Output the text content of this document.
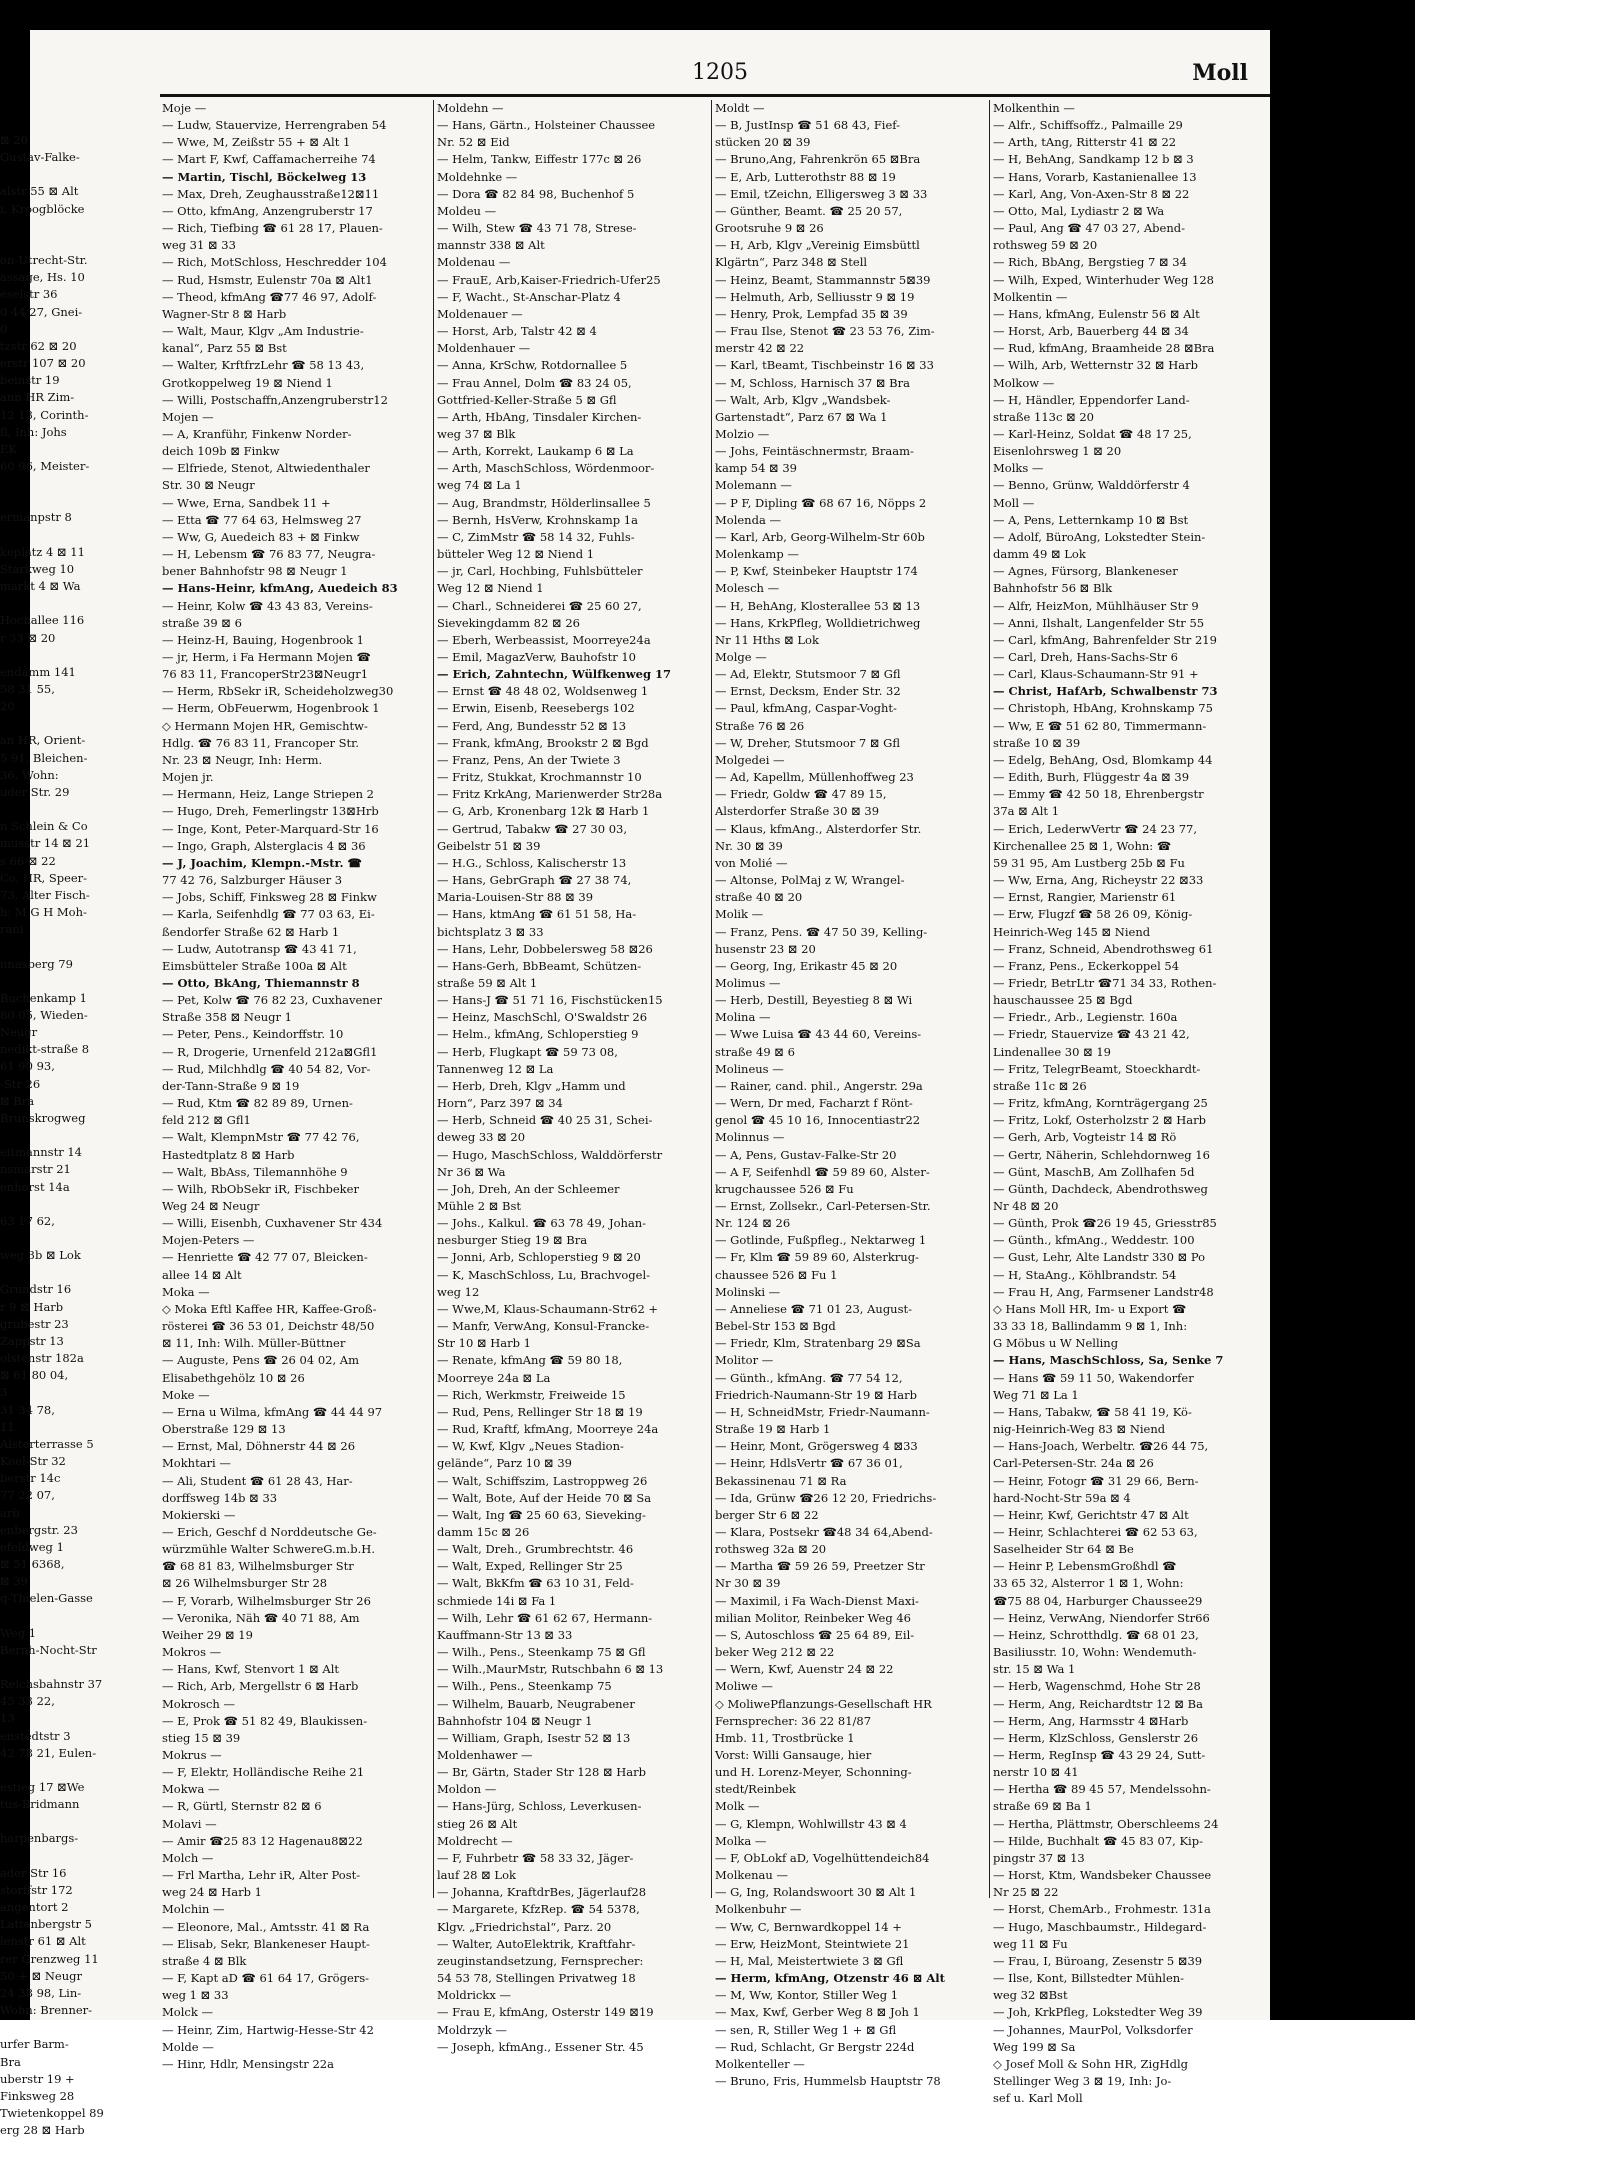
⊠ 20
Gustav-Falke-

alstr 55 ⊠ Alt
i, Kroogblöcke

on-Utrecht-Str.
assage, Hs. 10
eselstr 36
0 44 27, Gnei-
0
tzstr 62 ⊠ 20
erstr 107 ⊠ 20
beinstr 19
ann HR Zim-
12 13, Corinth-
fl, Inh: Johs
EK
60 96, Meister-

ermanpstr 8

keplatz 4 ⊠ 11
Starkweg 10
markt 4 ⊠ Wa

Hochallee 116
r 33 ⊠ 20

endamm 141
58 31 55,
20

an HR, Orient-
5 91, Bleichen-
36, Wohn:
uder Str. 29

n Schlein & Co
musstr 14 ⊠ 21
s 66 ⊠ 22
Co. HR, Speer-
73, Alter Fisch-
h: M G H Moh-
rani

nnasberg 79

Buchenkamp 1
80 05, Wieden-
Neugr
nedikt-straße 8
61 90 93,
-Str 26
⊠ Bra
Brunskrogweg

eitmannstr 14
nsmarstr 21
enhorst 14a

63 17 62,

weg 3b ⊠ Lok

Grundstr 16
r 9 ⊠ Harb
grubestr 23
Zappstr 13
olstenstr 182a
⊠ 61 80 04,
3
31 34 78,
11
Alsterterrasse 5
Koel-Str 32
berstr 14c
77 22 07,
arb
enbergstr. 23
efeldweg 1
⊠ 51 6368,
⊠ 39
q-Thielen-Gasse

Weg 1
Bernh-Nocht-Str

Reichsbahnstr 37
45 33 22,
13
enstedtstr 3
42 78 21, Eulen-

estieg 17 ⊠We
tus-Bridmann

harpenbargs-

ader Str 16
storffstr 172
angentort 2
Lattenbergstr 5
lenstr 61 ⊠ Alt
rer Grenzweg 11
50 + ⊠ Neugr
24 38 98, Lin-
Wohn: Brenner-

urfer Barm-
Bra
uberstr 19 +
Finksweg 28
Twietenkoppel 89
erg 28 ⊠ Harb
1205	Moll
Moje —
— Ludw, Stauervize, Herrengraben 54
— Wwe, M, Zeißstr 55 + ⊠ Alt 1
— Mart F, Kwf, Caffamacherreihe 74
— Martin, Tischl, Böckelweg 13
— Max, Dreh, Zeughausstraße12⊠11
— Otto, kfmAng, Anzengruberstr 17
— Rich, Tiefbing ☎ 61 28 17, Plauen-
weg 31 ⊠ 33
— Rich, MotSchloss, Heschredder 104
— Rud, Hsmstr, Eulenstr 70a ⊠ Alt1
— Theod, kfmAng ☎77 46 97, Adolf-
Wagner-Str 8 ⊠ Harb
— Walt, Maur, Klgv „Am Industrie-
kanal“, Parz 55 ⊠ Bst
— Walter, KrftfrzLehr ☎ 58 13 43,
Grotkoppelweg 19 ⊠ Niend 1
— Willi, Postschaffn,Anzengruberstr12
Mojen —
— A, Kranführ, Finkenw Norder-
deich 109b ⊠ Finkw
— Elfriede, Stenot, Altwiedenthaler
Str. 30 ⊠ Neugr
— Wwe, Erna, Sandbek 11 +
— Etta ☎ 77 64 63, Helmsweg 27
— Ww, G, Auedeich 83 + ⊠ Finkw
— H, Lebensm ☎ 76 83 77, Neugra-
bener Bahnhofstr 98 ⊠ Neugr 1
— Hans-Heinr, kfmAng, Auedeich 83
— Heinr, Kolw ☎ 43 43 83, Vereins-
straße 39 ⊠ 6
— Heinz-H, Bauing, Hogenbrook 1
— jr, Herm, i Fa Hermann Mojen ☎
76 83 11, FrancoperStr23⊠Neugr1
— Herm, RbSekr iR, Scheideholzweg30
— Herm, ObFeuerwm, Hogenbrook 1
◇ Hermann Mojen HR, Gemischtw-
Hdlg. ☎ 76 83 11, Francoper Str.
Nr. 23 ⊠ Neugr, Inh: Herm.
Mojen jr.
— Hermann, Heiz, Lange Striepen 2
— Hugo, Dreh, Femerlingstr 13⊠Hrb
— Inge, Kont, Peter-Marquard-Str 16
— Ingo, Graph, Alsterglacis 4 ⊠ 36
— J, Joachim, Klempn.-Mstr. ☎
77 42 76, Salzburger Häuser 3
— Jobs, Schiff, Finksweg 28 ⊠ Finkw
— Karla, Seifenhdlg ☎ 77 03 63, Ei-
ßendorfer Straße 62 ⊠ Harb 1
— Ludw, Autotransp ☎ 43 41 71,
Eimsbütteler Straße 100a ⊠ Alt
— Otto, BkAng, Thiemannstr 8
— Pet, Kolw ☎ 76 82 23, Cuxhavener
Straße 358 ⊠ Neugr 1
— Peter, Pens., Keindorffstr. 10
— R, Drogerie, Urnenfeld 212a⊠Gfl1
— Rud, Milchhdlg ☎ 40 54 82, Vor-
der-Tann-Straße 9 ⊠ 19
— Rud, Ktm ☎ 82 89 89, Urnen-
feld 212 ⊠ Gfl1
— Walt, KlempnMstr ☎ 77 42 76,
Hastedtplatz 8 ⊠ Harb
— Walt, BbAss, Tilemannhöhe 9
— Wilh, RbObSekr iR, Fischbeker
Weg 24 ⊠ Neugr
— Willi, Eisenbh, Cuxhavener Str 434
Mojen-Peters —
— Henriette ☎ 42 77 07, Bleicken-
allee 14 ⊠ Alt
Moka —
◇ Moka Eftl Kaffee HR, Kaffee-Groß-
rösterei ☎ 36 53 01, Deichstr 48/50
⊠ 11, Inh: Wilh. Müller-Büttner
— Auguste, Pens ☎ 26 04 02, Am
Elisabethgehölz 10 ⊠ 26
Moke —
— Erna u Wilma, kfmAng ☎ 44 44 97
Oberstraße 129 ⊠ 13
— Ernst, Mal, Döhnerstr 44 ⊠ 26
Mokhtari —
— Ali, Student ☎ 61 28 43, Har-
dorffsweg 14b ⊠ 33
Mokierski —
— Erich, Geschf d Norddeutsche Ge-
würzmühle Walter SchwereG.m.b.H.
☎ 68 81 83, Wilhelmsburger Str
⊠ 26 Wilhelmsburger Str 28
— F, Vorarb, Wilhelmsburger Str 26
— Veronika, Näh ☎ 40 71 88, Am
Weiher 29 ⊠ 19
Mokros —
— Hans, Kwf, Stenvort 1 ⊠ Alt
— Rich, Arb, Mergellstr 6 ⊠ Harb
Mokrosch —
— E, Prok ☎ 51 82 49, Blaukissen-
stieg 15 ⊠ 39
Mokrus —
— F, Elektr, Holländische Reihe 21
Mokwa —
— R, Gürtl, Sternstr 82 ⊠ 6
Molavi —
— Amir ☎25 83 12 Hagenau8⊠22
Molch —
— Frl Martha, Lehr iR, Alter Post-
weg 24 ⊠ Harb 1
Molchin —
— Eleonore, Mal., Amtsstr. 41 ⊠ Ra
— Elisab, Sekr, Blankeneser Haupt-
straße 4 ⊠ Blk
— F, Kapt aD ☎ 61 64 17, Grögers-
weg 1 ⊠ 33
Molck —
— Heinr, Zim, Hartwig-Hesse-Str 42
Molde —
— Hinr, Hdlr, Mensingstr 22a
Moldehn —
— Hans, Gärtn., Holsteiner Chaussee
Nr. 52 ⊠ Eid
— Helm, Tankw, Eiffestr 177c ⊠ 26
Moldehnke —
— Dora ☎ 82 84 98, Buchenhof 5
Moldeu —
— Wilh, Stew ☎ 43 71 78, Strese-
mannstr 338 ⊠ Alt
Moldenau —
— FrauE, Arb,Kaiser-Friedrich-Ufer25
— F, Wacht., St-Anschar-Platz 4
Moldenauer —
— Horst, Arb, Talstr 42 ⊠ 4
Moldenhauer —
— Anna, KrSchw, Rotdornallee 5
— Frau Annel, Dolm ☎ 83 24 05,
Gottfried-Keller-Straße 5 ⊠ Gfl
— Arth, HbAng, Tinsdaler Kirchen-
weg 37 ⊠ Blk
— Arth, Korrekt, Laukamp 6 ⊠ La
— Arth, MaschSchloss, Wördenmoor-
weg 74 ⊠ La 1
— Aug, Brandmstr, Hölderlinsallee 5
— Bernh, HsVerw, Krohnskamp 1a
— C, ZimMstr ☎ 58 14 32, Fuhls-
bütteler Weg 12 ⊠ Niend 1
— jr, Carl, Hochbing, Fuhlsbütteler
Weg 12 ⊠ Niend 1
— Charl., Schneiderei ☎ 25 60 27,
Sievekingdamm 82 ⊠ 26
— Eberh, Werbeassist, Moorreye24a
— Emil, MagazVerw, Bauhofstr 10
— Erich, Zahntechn, Wülfkenweg 17
— Ernst ☎ 48 48 02, Woldsenweg 1
— Erwin, Eisenb, Reesebergs 102
— Ferd, Ang, Bundesstr 52 ⊠ 13
— Frank, kfmAng, Brookstr 2 ⊠ Bgd
— Franz, Pens, An der Twiete 3
— Fritz, Stukkat, Krochmannstr 10
— Fritz KrkAng, Marienwerder Str28a
— G, Arb, Kronenbarg 12k ⊠ Harb 1
— Gertrud, Tabakw ☎ 27 30 03,
Geibelstr 51 ⊠ 39
— H.G., Schloss, Kalischerstr 13
— Hans, GebrGraph ☎ 27 38 74,
Maria-Louisen-Str 88 ⊠ 39
— Hans, ktmAng ☎ 61 51 58, Ha-
bichtsplatz 3 ⊠ 33
— Hans, Lehr, Dobbelersweg 58 ⊠26
— Hans-Gerh, BbBeamt, Schützen-
straße 59 ⊠ Alt 1
— Hans-J ☎ 51 71 16, Fischstücken15
— Heinz, MaschSchl, O'Swaldstr 26
— Helm., kfmAng, Schloperstieg 9
— Herb, Flugkapt ☎ 59 73 08,
Tannenweg 12 ⊠ La
— Herb, Dreh, Klgv „Hamm und
Horn“, Parz 397 ⊠ 34
— Herb, Schneid ☎ 40 25 31, Schei-
deweg 33 ⊠ 20
— Hugo, MaschSchloss, Walddörferstr
Nr 36 ⊠ Wa
— Joh, Dreh, An der Schleemer
Mühle 2 ⊠ Bst
— Johs., Kalkul. ☎ 63 78 49, Johan-
nesburger Stieg 19 ⊠ Bra
— Jonni, Arb, Schloperstieg 9 ⊠ 20
— K, MaschSchloss, Lu, Brachvogel-
weg 12
— Wwe,M, Klaus-Schaumann-Str62 +
— Manfr, VerwAng, Konsul-Francke-
Str 10 ⊠ Harb 1
— Renate, kfmAng ☎ 59 80 18,
Moorreye 24a ⊠ La
— Rich, Werkmstr, Freiweide 15
— Rud, Pens, Rellinger Str 18 ⊠ 19
— Rud, Kraftf, kfmAng, Moorreye 24a
— W, Kwf, Klgv „Neues Stadion-
gelände“, Parz 10 ⊠ 39
— Walt, Schiffszim, Lastroppweg 26
— Walt, Bote, Auf der Heide 70 ⊠ Sa
— Walt, Ing ☎ 25 60 63, Sieveking-
damm 15c ⊠ 26
— Walt, Dreh., Grumbrechtstr. 46
— Walt, Exped, Rellinger Str 25
— Walt, BkKfm ☎ 63 10 31, Feld-
schmiede 14i ⊠ Fa 1
— Wilh, Lehr ☎ 61 62 67, Hermann-
Kauffmann-Str 13 ⊠ 33
— Wilh., Pens., Steenkamp 75 ⊠ Gfl
— Wilh.,MaurMstr, Rutschbahn 6 ⊠ 13
— Wilh., Pens., Steenkamp 75
— Wilhelm, Bauarb, Neugrabener
Bahnhofstr 104 ⊠ Neugr 1
— William, Graph, Isestr 52 ⊠ 13
Moldenhawer —
— Br, Gärtn, Stader Str 128 ⊠ Harb
Moldon —
— Hans-Jürg, Schloss, Leverkusen-
stieg 26 ⊠ Alt
Moldrecht —
— F, Fuhrbetr ☎ 58 33 32, Jäger-
lauf 28 ⊠ Lok
— Johanna, KraftdrBes, Jägerlauf28
— Margarete, KfzRep. ☎ 54 5378,
Klgv. „Friedrichstal“, Parz. 20
— Walter, AutoElektrik, Kraftfahr-
zeuginstandsetzung, Fernsprecher:
54 53 78, Stellingen Privatweg 18
Moldrickx —
— Frau E, kfmAng, Osterstr 149 ⊠19
Moldrzyk —
— Joseph, kfmAng., Essener Str. 45
Moldt —
— B, JustInsp ☎ 51 68 43, Fief-
stücken 20 ⊠ 39
— Bruno,Ang, Fahrenkrön 65 ⊠Bra
— E, Arb, Lutterothstr 88 ⊠ 19
— Emil, tZeichn, Elligersweg 3 ⊠ 33
— Günther, Beamt. ☎ 25 20 57,
Grootsruhe 9 ⊠ 26
— H, Arb, Klgv „Vereinig Eimsbüttl
Klgärtn“, Parz 348 ⊠ Stell
— Heinz, Beamt, Stammannstr 5⊠39
— Helmuth, Arb, Selliusstr 9 ⊠ 19
— Henry, Prok, Lempfad 35 ⊠ 39
— Frau Ilse, Stenot ☎ 23 53 76, Zim-
merstr 42 ⊠ 22
— Karl, tBeamt, Tischbeinstr 16 ⊠ 33
— M, Schloss, Harnisch 37 ⊠ Bra
— Walt, Arb, Klgv „Wandsbek-
Gartenstadt“, Parz 67 ⊠ Wa 1
Molzio —
— Johs, Feintäschnermstr, Braam-
kamp 54 ⊠ 39
Molemann —
— P F, Dipling ☎ 68 67 16, Nöpps 2
Molenda —
— Karl, Arb, Georg-Wilhelm-Str 60b
Molenkamp —
— P, Kwf, Steinbeker Hauptstr 174
Molesch —
— H, BehAng, Klosterallee 53 ⊠ 13
— Hans, KrkPfleg, Wolldietrichweg
Nr 11 Hths ⊠ Lok
Molge —
— Ad, Elektr, Stutsmoor 7 ⊠ Gfl
— Ernst, Decksm, Ender Str. 32
— Paul, kfmAng, Caspar-Voght-
Straße 76 ⊠ 26
— W, Dreher, Stutsmoor 7 ⊠ Gfl
Molgedei —
— Ad, Kapellm, Müllenhoffweg 23
— Friedr, Goldw ☎ 47 89 15,
Alsterdorfer Straße 30 ⊠ 39
— Klaus, kfmAng., Alsterdorfer Str.
Nr. 30 ⊠ 39
von Molié —
— Altonse, PolMaj z W, Wrangel-
straße 40 ⊠ 20
Molik —
— Franz, Pens. ☎ 47 50 39, Kelling-
husenstr 23 ⊠ 20
— Georg, Ing, Erikastr 45 ⊠ 20
Molimus —
— Herb, Destill, Beyestieg 8 ⊠ Wi
Molina —
— Wwe Luisa ☎ 43 44 60, Vereins-
straße 49 ⊠ 6
Molineus —
— Rainer, cand. phil., Angerstr. 29a
— Wern, Dr med, Facharzt f Rönt-
genol ☎ 45 10 16, Innocentiastr22
Molinnus —
— A, Pens, Gustav-Falke-Str 20
— A F, Seifenhdl ☎ 59 89 60, Alster-
krugchaussee 526 ⊠ Fu
— Ernst, Zollsekr., Carl-Petersen-Str.
Nr. 124 ⊠ 26
— Gotlinde, Fußpfleg., Nektarweg 1
— Fr, Klm ☎ 59 89 60, Alsterkrug-
chaussee 526 ⊠ Fu 1
Molinski —
— Anneliese ☎ 71 01 23, August-
Bebel-Str 153 ⊠ Bgd
— Friedr, Klm, Stratenbarg 29 ⊠Sa
Molitor —
— Günth., kfmAng. ☎ 77 54 12,
Friedrich-Naumann-Str 19 ⊠ Harb
— H, SchneidMstr, Friedr-Naumann-
Straße 19 ⊠ Harb 1
— Heinr, Mont, Grögersweg 4 ⊠33
— Heinr, HdlsVertr ☎ 67 36 01,
Bekassinenau 71 ⊠ Ra
— Ida, Grünw ☎26 12 20, Friedrichs-
berger Str 6 ⊠ 22
— Klara, Postsekr ☎48 34 64,Abend-
rothsweg 32a ⊠ 20
— Martha ☎ 59 26 59, Preetzer Str
Nr 30 ⊠ 39
— Maximil, i Fa Wach-Dienst Maxi-
milian Molitor, Reinbeker Weg 46
— S, Autoschloss ☎ 25 64 89, Eil-
beker Weg 212 ⊠ 22
— Wern, Kwf, Auenstr 24 ⊠ 22
Moliwe —
◇ MoliwePflanzungs-Gesellschaft HR
Fernsprecher: 36 22 81/87
Hmb. 11, Trostbrücke 1
Vorst: Willi Gansauge, hier
und H. Lorenz-Meyer, Schonning-
stedt/Reinbek
Molk —
— G, Klempn, Wohlwillstr 43 ⊠ 4
Molka —
— F, ObLokf aD, Vogelhüttendeich84
Molkenau —
— G, Ing, Rolandswoort 30 ⊠ Alt 1
Molkenbuhr —
— Ww, C, Bernwardkoppel 14 +
— Erw, HeizMont, Steintwiete 21
— H, Mal, Meistertwiete 3 ⊠ Gfl
— Herm, kfmAng, Otzenstr 46 ⊠ Alt
— M, Ww, Kontor, Stiller Weg 1
— Max, Kwf, Gerber Weg 8 ⊠ Joh 1
— sen, R, Stiller Weg 1 + ⊠ Gfl
— Rud, Schlacht, Gr Bergstr 224d
Molkenteller —
— Bruno, Fris, Hummelsb Hauptstr 78
Molkenthin —
— Alfr., Schiffsoffz., Palmaille 29
— Arth, tAng, Ritterstr 41 ⊠ 22
— H, BehAng, Sandkamp 12 b ⊠ 3
— Hans, Vorarb, Kastanienallee 13
— Karl, Ang, Von-Axen-Str 8 ⊠ 22
— Otto, Mal, Lydiastr 2 ⊠ Wa
— Paul, Ang ☎ 47 03 27, Abend-
rothsweg 59 ⊠ 20
— Rich, BbAng, Bergstieg 7 ⊠ 34
— Wilh, Exped, Winterhuder Weg 128
Molkentin —
— Hans, kfmAng, Eulenstr 56 ⊠ Alt
— Horst, Arb, Bauerberg 44 ⊠ 34
— Rud, kfmAng, Braamheide 28 ⊠Bra
— Wilh, Arb, Wetternstr 32 ⊠ Harb
Molkow —
— H, Händler, Eppendorfer Land-
straße 113c ⊠ 20
— Karl-Heinz, Soldat ☎ 48 17 25,
Eisenlohrsweg 1 ⊠ 20
Molks —
— Benno, Grünw, Walddörferstr 4
Moll —
— A, Pens, Letternkamp 10 ⊠ Bst
— Adolf, BüroAng, Lokstedter Stein-
damm 49 ⊠ Lok
— Agnes, Fürsorg, Blankeneser
Bahnhofstr 56 ⊠ Blk
— Alfr, HeizMon, Mühlhäuser Str 9
— Anni, Ilshalt, Langenfelder Str 55
— Carl, kfmAng, Bahrenfelder Str 219
— Carl, Dreh, Hans-Sachs-Str 6
— Carl, Klaus-Schaumann-Str 91 +
— Christ, HafArb, Schwalbenstr 73
— Christoph, HbAng, Krohnskamp 75
— Ww, E ☎ 51 62 80, Timmermann-
straße 10 ⊠ 39
— Edelg, BehAng, Osd, Blomkamp 44
— Edith, Burh, Flüggestr 4a ⊠ 39
— Emmy ☎ 42 50 18, Ehrenbergstr
37a ⊠ Alt 1
— Erich, LederwVertr ☎ 24 23 77,
Kirchenallee 25 ⊠ 1, Wohn: ☎
59 31 95, Am Lustberg 25b ⊠ Fu
— Ww, Erna, Ang, Richeystr 22 ⊠33
— Ernst, Rangier, Marienstr 61
— Erw, Flugzf ☎ 58 26 09, König-
Heinrich-Weg 145 ⊠ Niend
— Franz, Schneid, Abendrothsweg 61
— Franz, Pens., Eckerkoppel 54
— Friedr, BetrLtr ☎71 34 33, Rothen-
hauschaussee 25 ⊠ Bgd
— Friedr., Arb., Legienstr. 160a
— Friedr, Stauervize ☎ 43 21 42,
Lindenallee 30 ⊠ 19
— Fritz, TelegrBeamt, Stoeckhardt-
straße 11c ⊠ 26
— Fritz, kfmAng, Kornträgergang 25
— Fritz, Lokf, Osterholzstr 2 ⊠ Harb
— Gerh, Arb, Vogteistr 14 ⊠ Rö
— Gertr, Näherin, Schlehdornweg 16
— Günt, MaschB, Am Zollhafen 5d
— Günth, Dachdeck, Abendrothsweg
Nr 48 ⊠ 20
— Günth, Prok ☎26 19 45, Griesstr85
— Günth., kfmAng., Weddestr. 100
— Gust, Lehr, Alte Landstr 330 ⊠ Po
— H, StaAng., Köhlbrandstr. 54
— Frau H, Ang, Farmsener Landstr48
◇ Hans Moll HR, Im- u Export ☎
33 33 18, Ballindamm 9 ⊠ 1, Inh:
G Möbus u W Nelling
— Hans, MaschSchloss, Sa, Senke 7
— Hans ☎ 59 11 50, Wakendorfer
Weg 71 ⊠ La 1
— Hans, Tabakw, ☎ 58 41 19, Kö-
nig-Heinrich-Weg 83 ⊠ Niend
— Hans-Joach, Werbeltr. ☎26 44 75,
Carl-Petersen-Str. 24a ⊠ 26
— Heinr, Fotogr ☎ 31 29 66, Bern-
hard-Nocht-Str 59a ⊠ 4
— Heinr, Kwf, Gerichtstr 47 ⊠ Alt
— Heinr, Schlachterei ☎ 62 53 63,
Saselheider Str 64 ⊠ Be
— Heinr P, LebensmGroßhdl ☎
33 65 32, Alsterror 1 ⊠ 1, Wohn:
☎75 88 04, Harburger Chaussee29
— Heinz, VerwAng, Niendorfer Str66
— Heinz, Schrotthdlg. ☎ 68 01 23,
Basiliusstr. 10, Wohn: Wendemuth-
str. 15 ⊠ Wa 1
— Herb, Wagenschmd, Hohe Str 28
— Herm, Ang, Reichardtstr 12 ⊠ Ba
— Herm, Ang, Harmsstr 4 ⊠Harb
— Herm, KlzSchloss, Genslerstr 26
— Herm, RegInsp ☎ 43 29 24, Sutt-
nerstr 10 ⊠ 41
— Hertha ☎ 89 45 57, Mendelssohn-
straße 69 ⊠ Ba 1
— Hertha, Plättmstr, Oberschleems 24
— Hilde, Buchhalt ☎ 45 83 07, Kip-
pingstr 37 ⊠ 13
— Horst, Ktm, Wandsbeker Chaussee
Nr 25 ⊠ 22
— Horst, ChemArb., Frohmestr. 131a
— Hugo, Maschbaumstr., Hildegard-
weg 11 ⊠ Fu
— Frau, I, Büroang, Zesenstr 5 ⊠39
— Ilse, Kont, Billstedter Mühlen-
weg 32 ⊠Bst
— Joh, KrkPfleg, Lokstedter Weg 39
— Johannes, MaurPol, Volksdorfer
Weg 199 ⊠ Sa
◇ Josef Moll & Sohn HR, ZigHdlg
Stellinger Weg 3 ⊠ 19, Inh: Jo-
sef u. Karl Moll
